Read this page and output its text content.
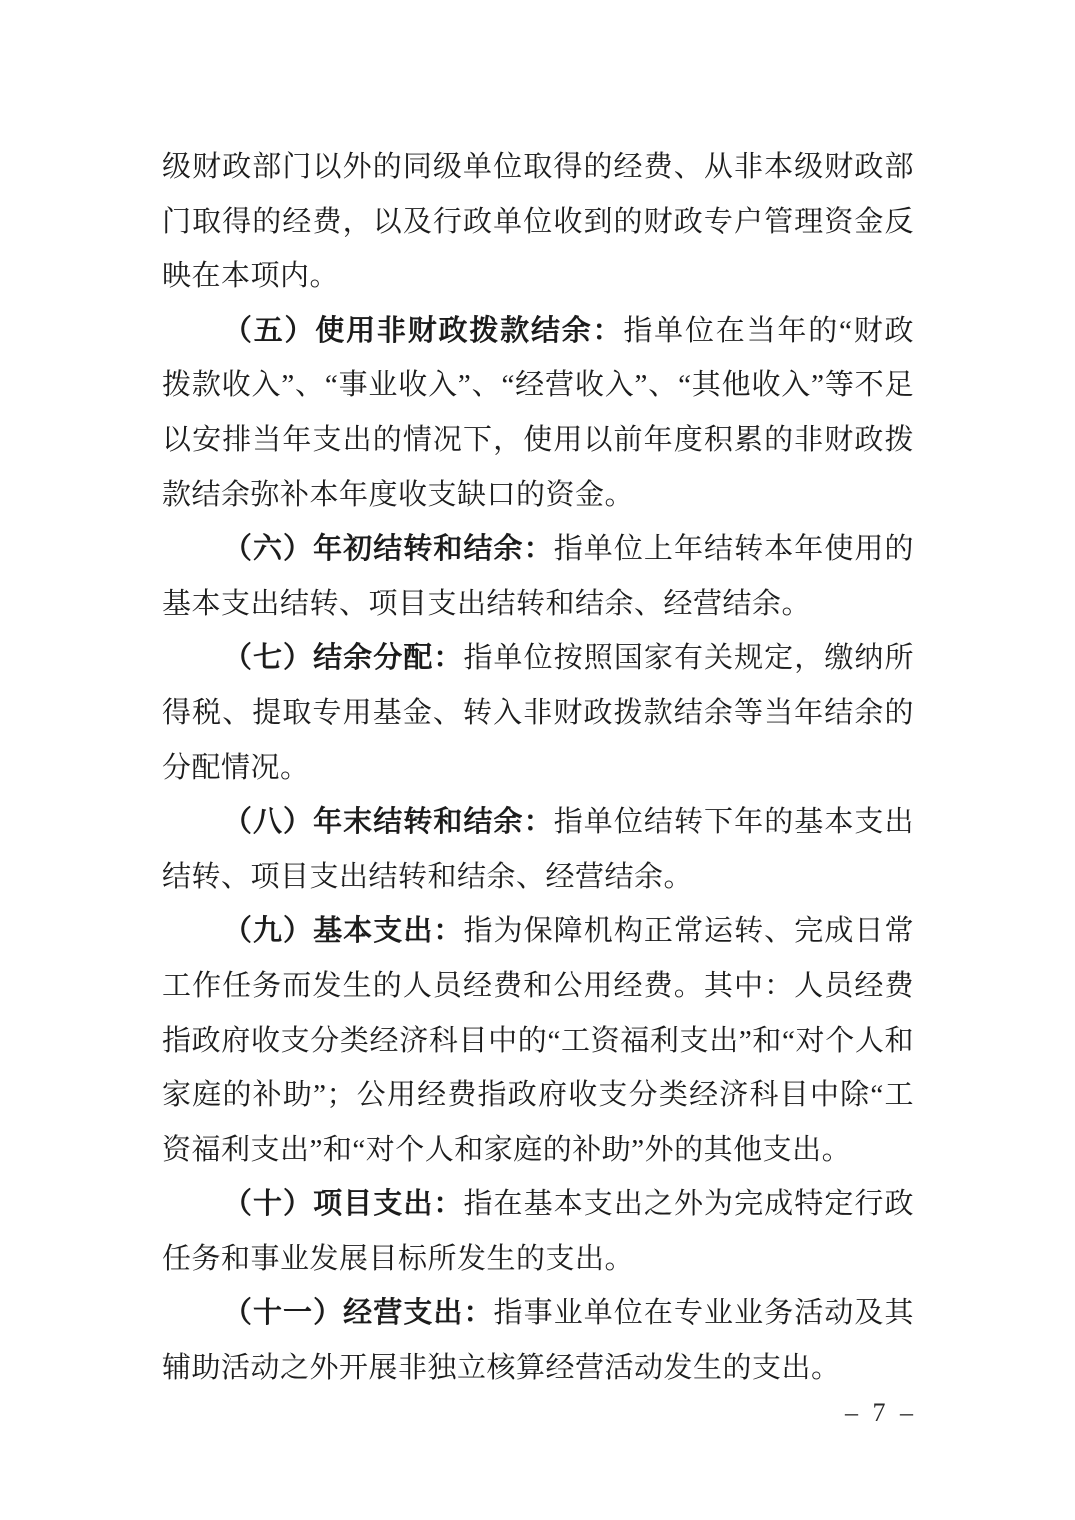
级财政部门以外的同级单位取得的经费、从非本级财政部门取得的经费，以及行政单位收到的财政专户管理资金反映在本项内。

（五）使用非财政拨款结余：指单位在当年的“财政拨款收入”、“事业收入”、“经营收入”、“其他收入”等不足以安排当年支出的情况下，使用以前年度积累的非财政拨款结余弥补本年度收支缺口的资金。

（六）年初结转和结余：指单位上年结转本年使用的基本支出结转、项目支出结转和结余、经营结余。

（七）结余分配：指单位按照国家有关规定，缴纳所得税、提取专用基金、转入非财政拨款结余等当年结余的分配情况。

（八）年末结转和结余：指单位结转下年的基本支出结转、项目支出结转和结余、经营结余。

（九）基本支出：指为保障机构正常运转、完成日常工作任务而发生的人员经费和公用经费。其中：人员经费指政府收支分类经济科目中的“工资福利支出”和“对个人和家庭的补助”；公用经费指政府收支分类经济科目中除“工资福利支出”和“对个人和家庭的补助”外的其他支出。

（十）项目支出：指在基本支出之外为完成特定行政任务和事业发展目标所发生的支出。

（十一）经营支出：指事业单位在专业业务活动及其辅助活动之外开展非独立核算经营活动发生的支出。

– 7 –
